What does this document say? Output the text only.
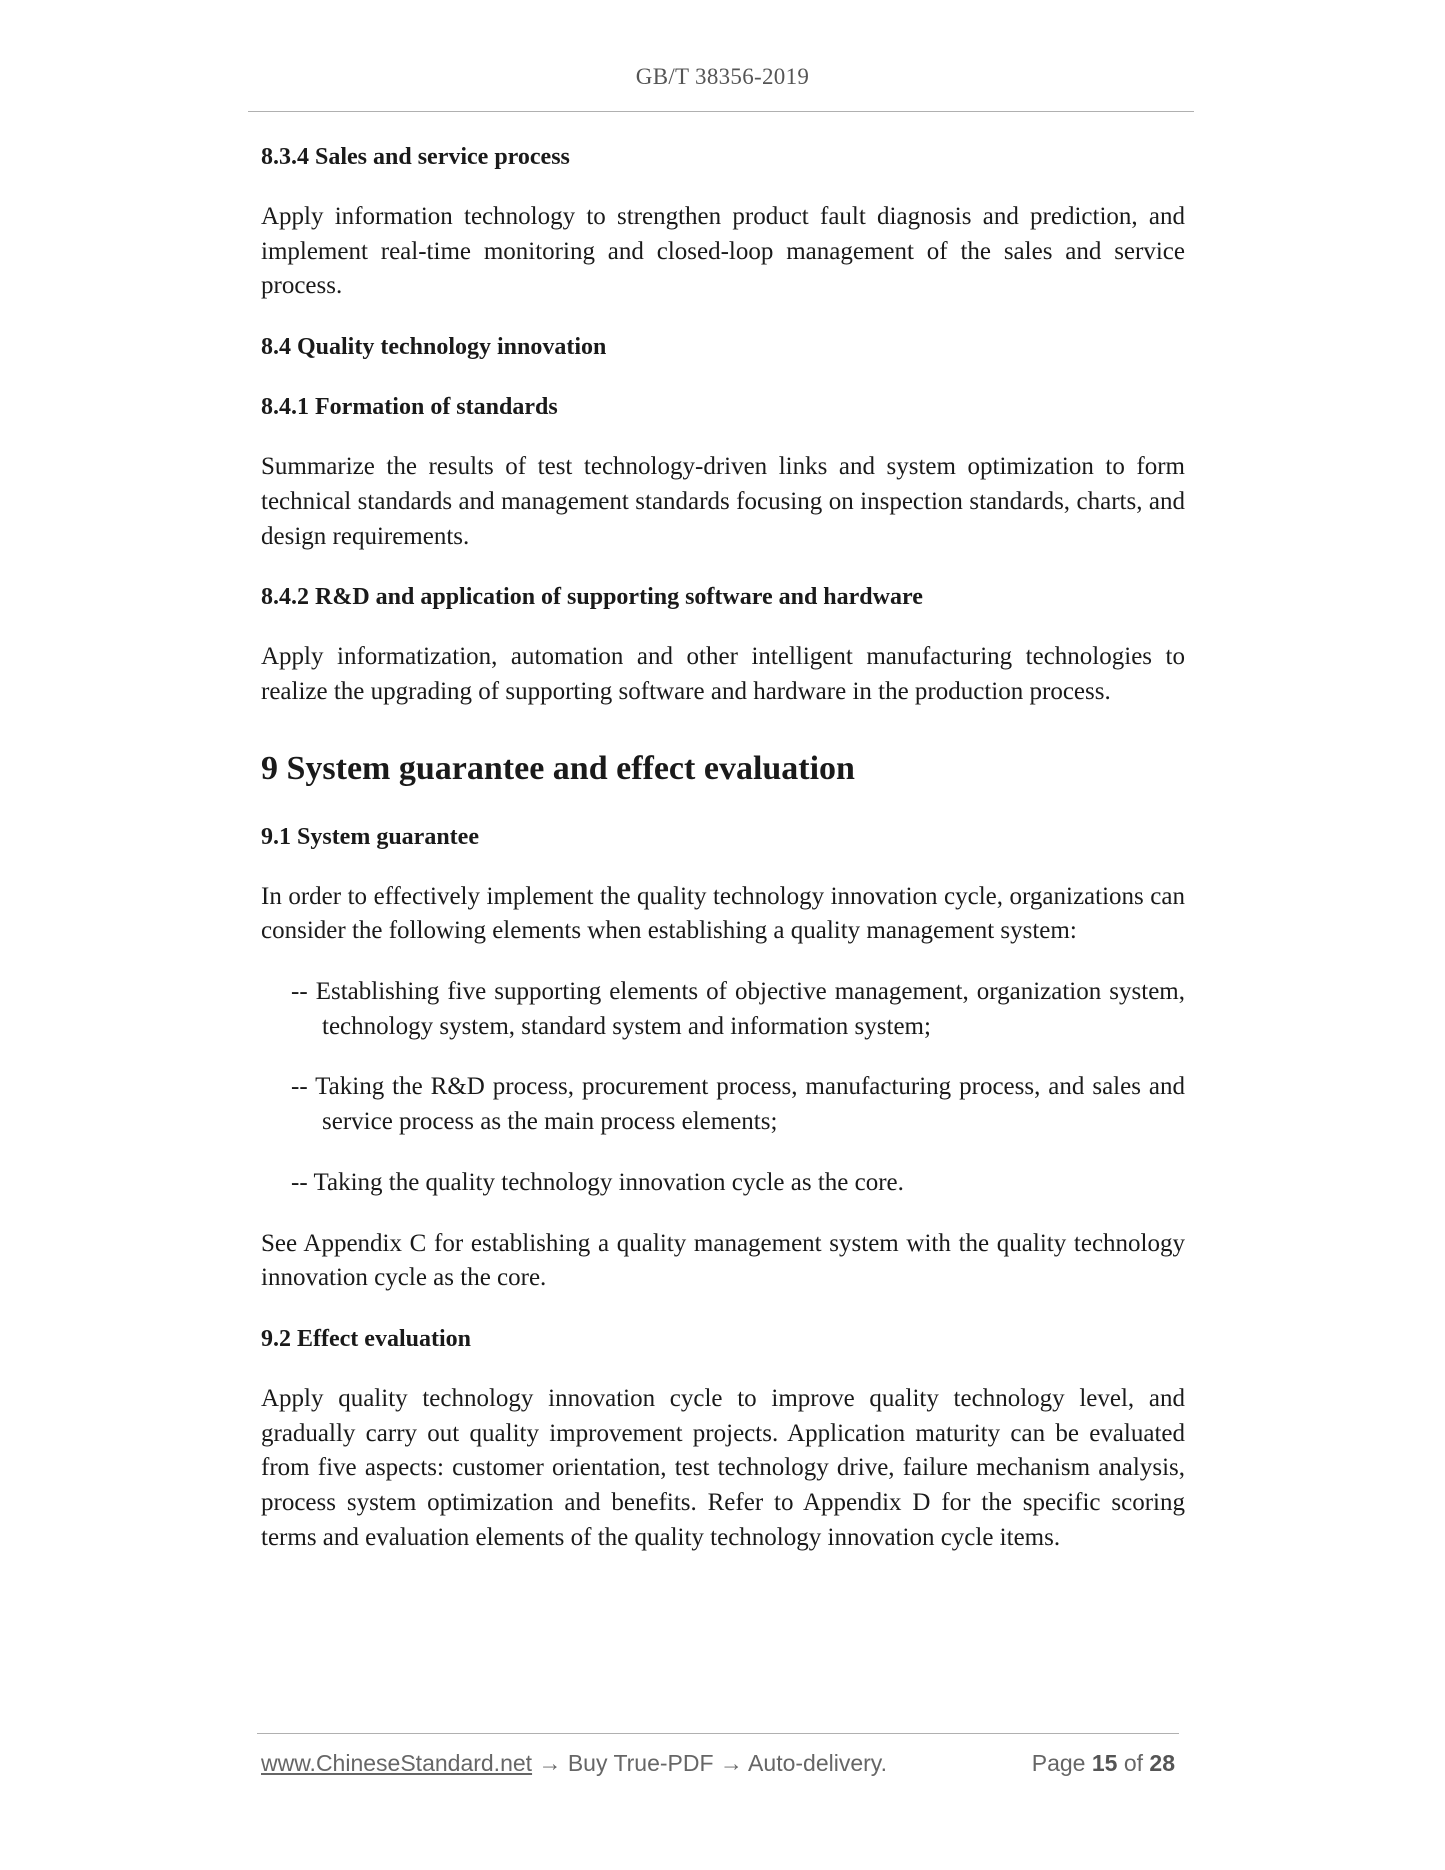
GB/T 38356-2019
8.3.4 Sales and service process
Apply information technology to strengthen product fault diagnosis and prediction, and implement real-time monitoring and closed-loop management of the sales and service process.
8.4 Quality technology innovation
8.4.1 Formation of standards
Summarize the results of test technology-driven links and system optimization to form technical standards and management standards focusing on inspection standards, charts, and design requirements.
8.4.2 R&D and application of supporting software and hardware
Apply informatization, automation and other intelligent manufacturing technologies to realize the upgrading of supporting software and hardware in the production process.
9 System guarantee and effect evaluation
9.1 System guarantee
In order to effectively implement the quality technology innovation cycle, organizations can consider the following elements when establishing a quality management system:
-- Establishing five supporting elements of objective management, organization system, technology system, standard system and information system;
-- Taking the R&D process, procurement process, manufacturing process, and sales and service process as the main process elements;
-- Taking the quality technology innovation cycle as the core.
See Appendix C for establishing a quality management system with the quality technology innovation cycle as the core.
9.2 Effect evaluation
Apply quality technology innovation cycle to improve quality technology level, and gradually carry out quality improvement projects. Application maturity can be evaluated from five aspects: customer orientation, test technology drive, failure mechanism analysis, process system optimization and benefits. Refer to Appendix D for the specific scoring terms and evaluation elements of the quality technology innovation cycle items.
www.ChineseStandard.net → Buy True-PDF → Auto-delivery.	Page 15 of 28
